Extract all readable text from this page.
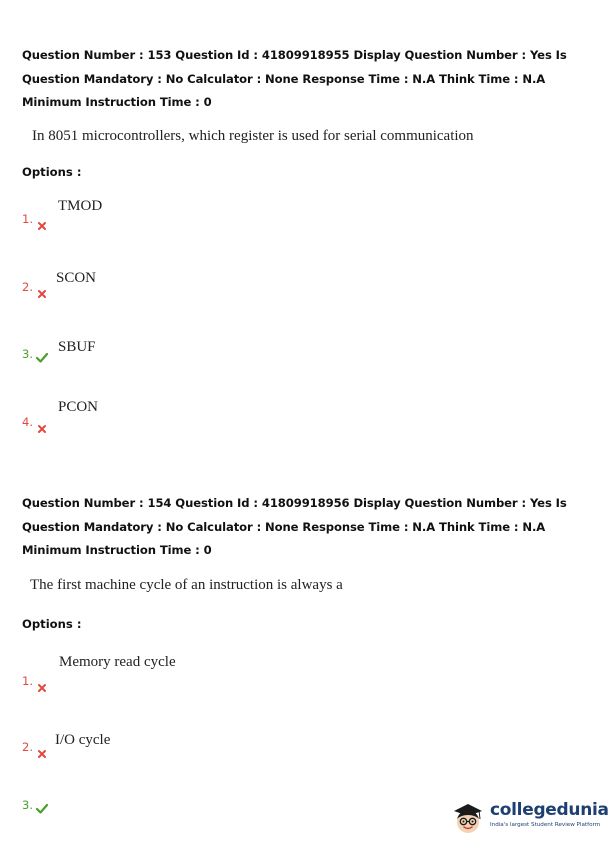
Question Number : 153 Question Id : 41809918955 Display Question Number : Yes Is Question Mandatory : No Calculator : None Response Time : N.A Think Time : N.A Minimum Instruction Time : 0

In 8051 microcontrollers, which register is used for serial communication
Options :
1.
TMOD
2.
SCON
3. SBUF
4.
PCON

Question Number : 154 Question Id : 41809918956 Display Question Number : Yes Is Question Mandatory : No Calculator : None Response Time : N.A Think Time : N.A Minimum Instruction Time : 0

The first machine cycle of an instruction is always a
Options :
1.
Memory read cycle
2. I/O cycle
3.	collegedunia
India's largest Student Review Platform
